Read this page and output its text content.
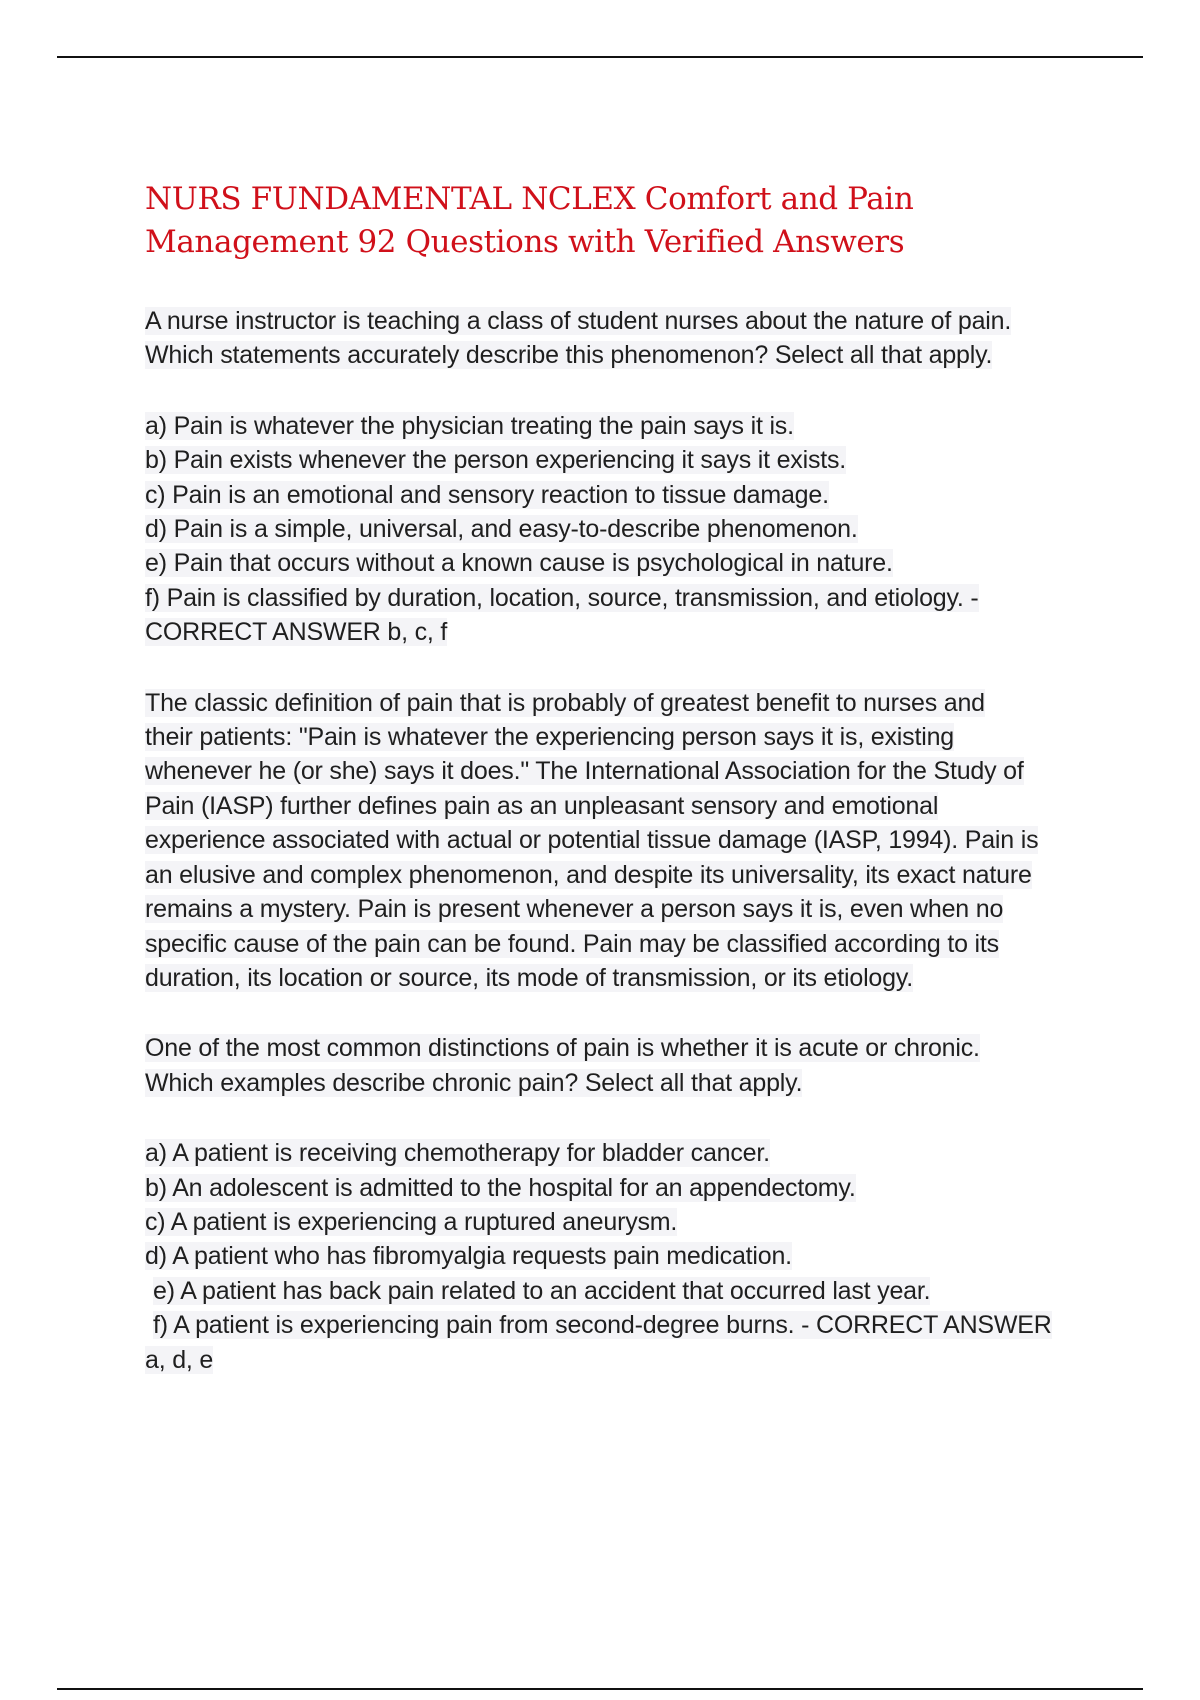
NURS FUNDAMENTAL NCLEX Comfort and Pain
Management 92 Questions with Verified Answers
A nurse instructor is teaching a class of student nurses about the nature of pain.
Which statements accurately describe this phenomenon? Select all that apply.
a) Pain is whatever the physician treating the pain says it is.
b) Pain exists whenever the person experiencing it says it exists.
c) Pain is an emotional and sensory reaction to tissue damage.
d) Pain is a simple, universal, and easy-to-describe phenomenon.
e) Pain that occurs without a known cause is psychological in nature.
f) Pain is classified by duration, location, source, transmission, and etiology. -
CORRECT ANSWER b, c, f
The classic definition of pain that is probably of greatest benefit to nurses and
their patients: "Pain is whatever the experiencing person says it is, existing
whenever he (or she) says it does." The International Association for the Study of
Pain (IASP) further defines pain as an unpleasant sensory and emotional
experience associated with actual or potential tissue damage (IASP, 1994). Pain is
an elusive and complex phenomenon, and despite its universality, its exact nature
remains a mystery. Pain is present whenever a person says it is, even when no
specific cause of the pain can be found. Pain may be classified according to its
duration, its location or source, its mode of transmission, or its etiology.
One of the most common distinctions of pain is whether it is acute or chronic.
Which examples describe chronic pain? Select all that apply.
a) A patient is receiving chemotherapy for bladder cancer.
b) An adolescent is admitted to the hospital for an appendectomy.
c) A patient is experiencing a ruptured aneurysm.
d) A patient who has fibromyalgia requests pain medication.
e) A patient has back pain related to an accident that occurred last year.
f) A patient is experiencing pain from second-degree burns. - CORRECT ANSWER
a, d, e
